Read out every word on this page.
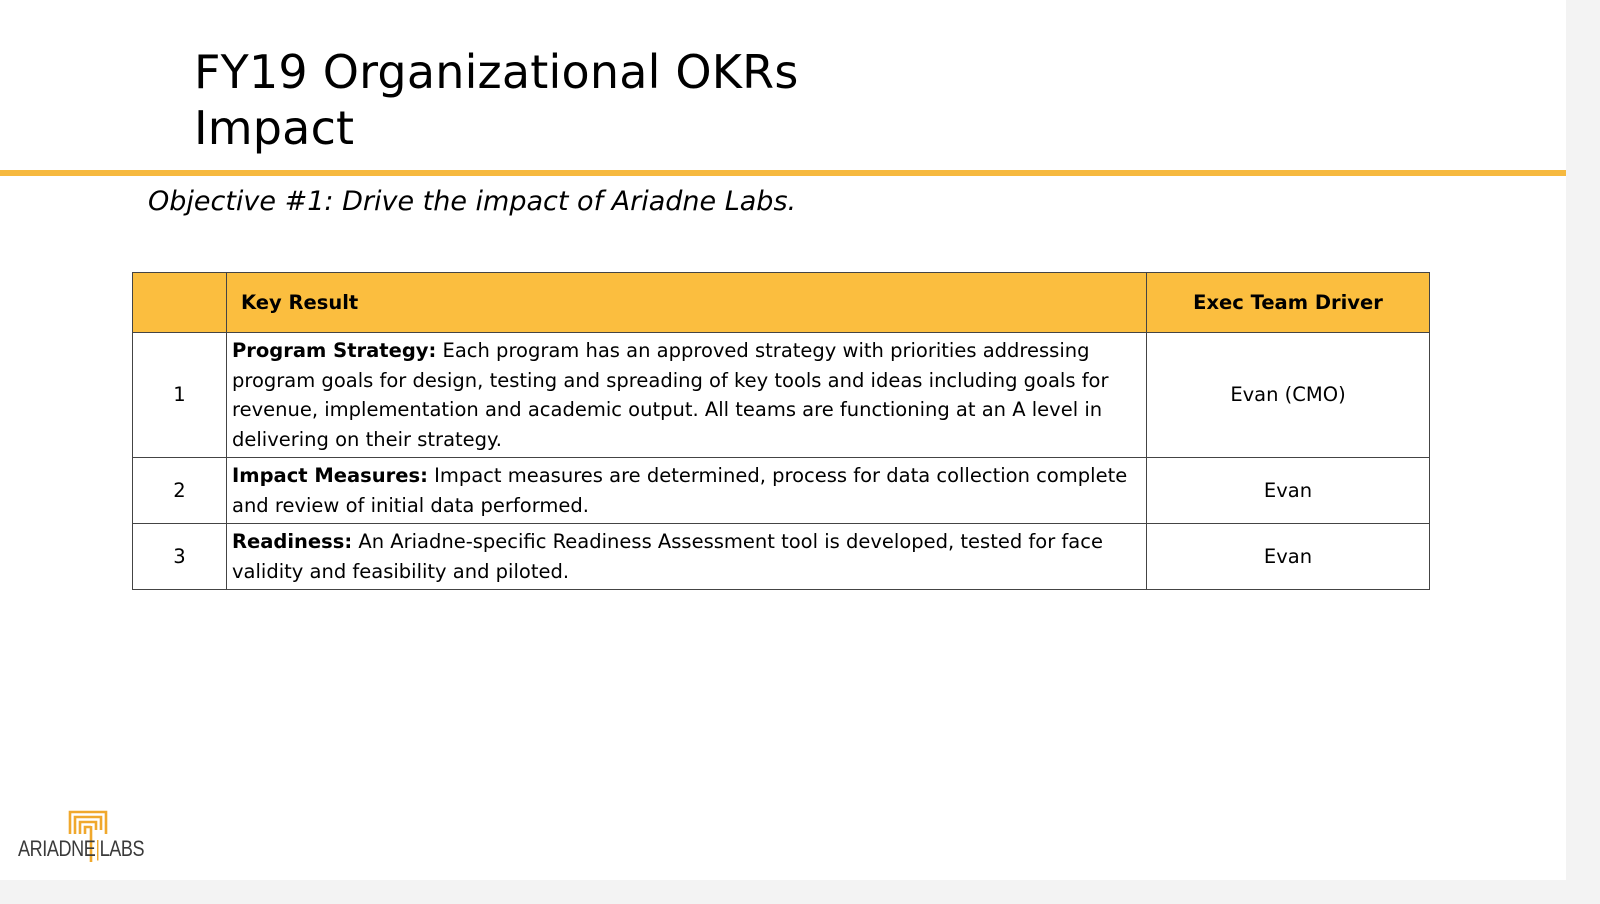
FY19 Organizational OKRs
Impact
Objective #1: Drive the impact of Ariadne Labs.
	Key Result	Exec Team Driver
1	Program Strategy: Each program has an approved strategy with priorities addressing program goals for design, testing and spreading of key tools and ideas including goals for revenue, implementation and academic output. All teams are functioning at an A level in delivering on their strategy.	Evan (CMO)
2	Impact Measures: Impact measures are determined, process for data collection complete and review of initial data performed.	Evan
3	Readiness: An Ariadne-specific Readiness Assessment tool is developed, tested for face validity and feasibility and piloted.	Evan
ARIADNE|LABS
